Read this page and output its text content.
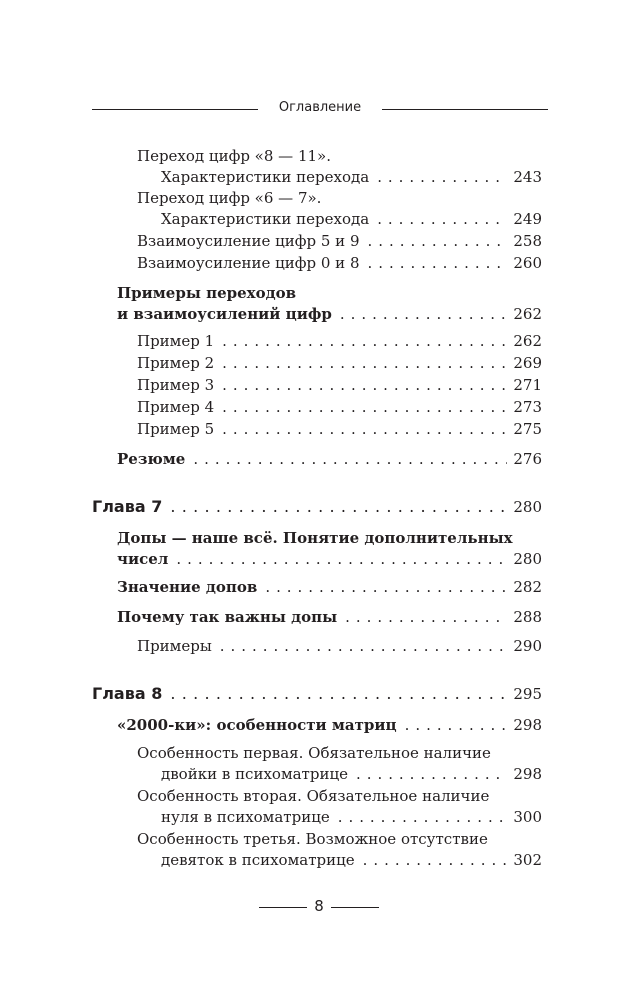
Оглавление
Переход цифр «8 — 11».
Характеристики перехода . . .	243
Переход цифр «6 — 7».
Характеристики перехода . . .	249
Взаимоусиление цифр 5 и 9 . . .	258
Взаимоусиление цифр 0 и 8 . . .	260
Примеры переходов
и взаимоусилений цифр . . .	262
Пример 1 . . .	262
Пример 2 . . .	269
Пример 3 . . .	271
Пример 4 . . .	273
Пример 5 . . .	275
Резюме . . .	276
Глава 7 . . .	280
Допы — наше всё. Понятие дополнительных
чисел . . .	280
Значение допов . . .	282
Почему так важны допы . . .	288
Примеры . . .	290
Глава 8 . . .	295
«2000-ки»: особенности матриц . . .	298
Особенность первая. Обязательное наличие
двойки в психоматрице . . .	298
Особенность вторая. Обязательное наличие
нуля в психоматрице . . .	300
Особенность третья. Возможное отсутствие
девяток в психоматрице . . .	302
8
